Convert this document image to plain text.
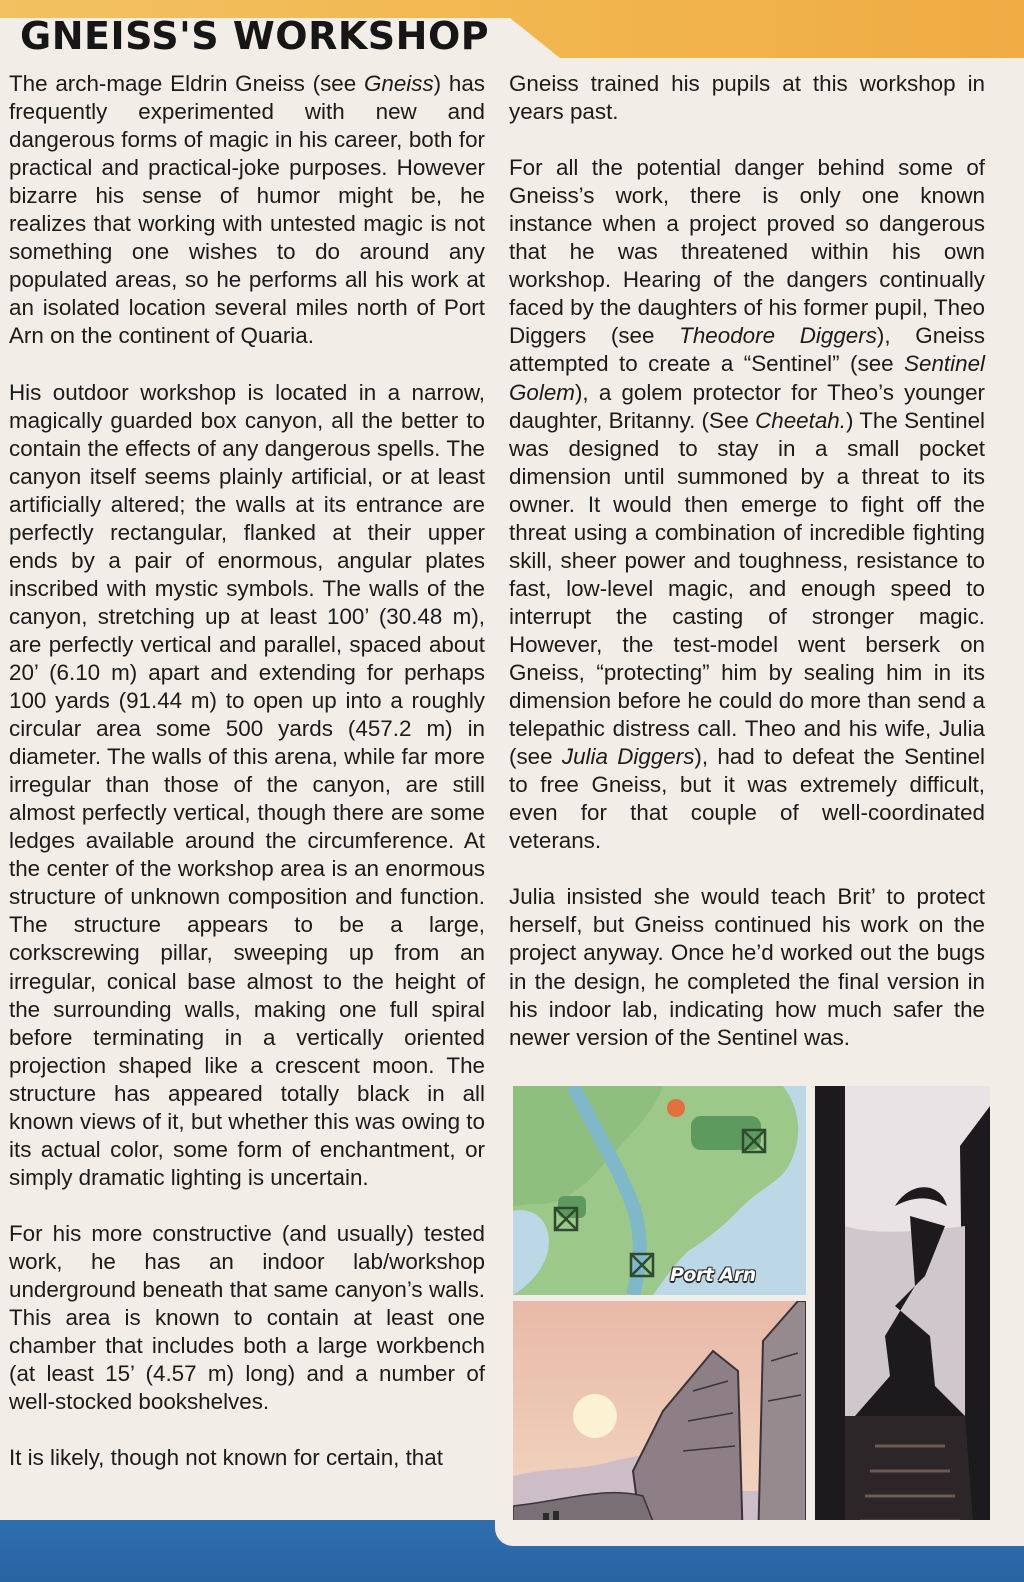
GNEISS'S WORKSHOP

The arch-mage Eldrin Gneiss (see Gneiss) has frequently experimented with new and dangerous forms of magic in his career, both for practical and practical-joke purposes. However bizarre his sense of humor might be, he realizes that working with untested magic is not something one wishes to do around any populated areas, so he performs all his work at an isolated location several miles north of Port Arn on the continent of Quaria.

His outdoor workshop is located in a narrow, magically guarded box canyon, all the better to contain the effects of any dangerous spells. The canyon itself seems plainly artificial, or at least artificially altered; the walls at its entrance are perfectly rectangular, flanked at their upper ends by a pair of enormous, angular plates inscribed with mystic symbols. The walls of the canyon, stretching up at least 100’ (30.48 m), are perfectly vertical and parallel, spaced about 20’ (6.10 m) apart and extending for perhaps 100 yards (91.44 m) to open up into a roughly circular area some 500 yards (457.2 m) in diameter. The walls of this arena, while far more irregular than those of the canyon, are still almost perfectly vertical, though there are some ledges available around the circumference. At the center of the workshop area is an enormous structure of unknown composition and function. The structure appears to be a large, corkscrewing pillar, sweeping up from an irregular, conical base almost to the height of the surrounding walls, making one full spiral before terminating in a vertically oriented projection shaped like a crescent moon. The structure has appeared totally black in all known views of it, but whether this was owing to its actual color, some form of enchantment, or simply dramatic lighting is uncertain.

For his more constructive (and usually) tested work, he has an indoor lab/workshop underground beneath that same canyon’s walls. This area is known to contain at least one chamber that includes both a large workbench (at least 15’ (4.57 m) long) and a number of well-stocked bookshelves.

It is likely, though not known for certain, that

Gneiss trained his pupils at this workshop in years past.

For all the potential danger behind some of Gneiss’s work, there is only one known instance when a project proved so dangerous that he was threatened within his own workshop. Hearing of the dangers continually faced by the daughters of his former pupil, Theo Diggers (see Theodore Diggers), Gneiss attempted to create a “Sentinel” (see Sentinel Golem), a golem protector for Theo’s younger daughter, Britanny. (See Cheetah.) The Sentinel was designed to stay in a small pocket dimension until summoned by a threat to its owner. It would then emerge to fight off the threat using a combination of incredible fighting skill, sheer power and toughness, resistance to fast, low-level magic, and enough speed to interrupt the casting of stronger magic. However, the test-model went berserk on Gneiss, “protecting” him by sealing him in its dimension before he could do more than send a telepathic distress call. Theo and his wife, Julia (see Julia Diggers), had to defeat the Sentinel to free Gneiss, but it was extremely difficult, even for that couple of well-coordinated veterans.

Julia insisted she would teach Brit’ to protect herself, but Gneiss continued his work on the project anyway. Once he’d worked out the bugs in the design, he completed the final version in his indoor lab, indicating how much safer the newer version of the Sentinel was.

Port Arn
